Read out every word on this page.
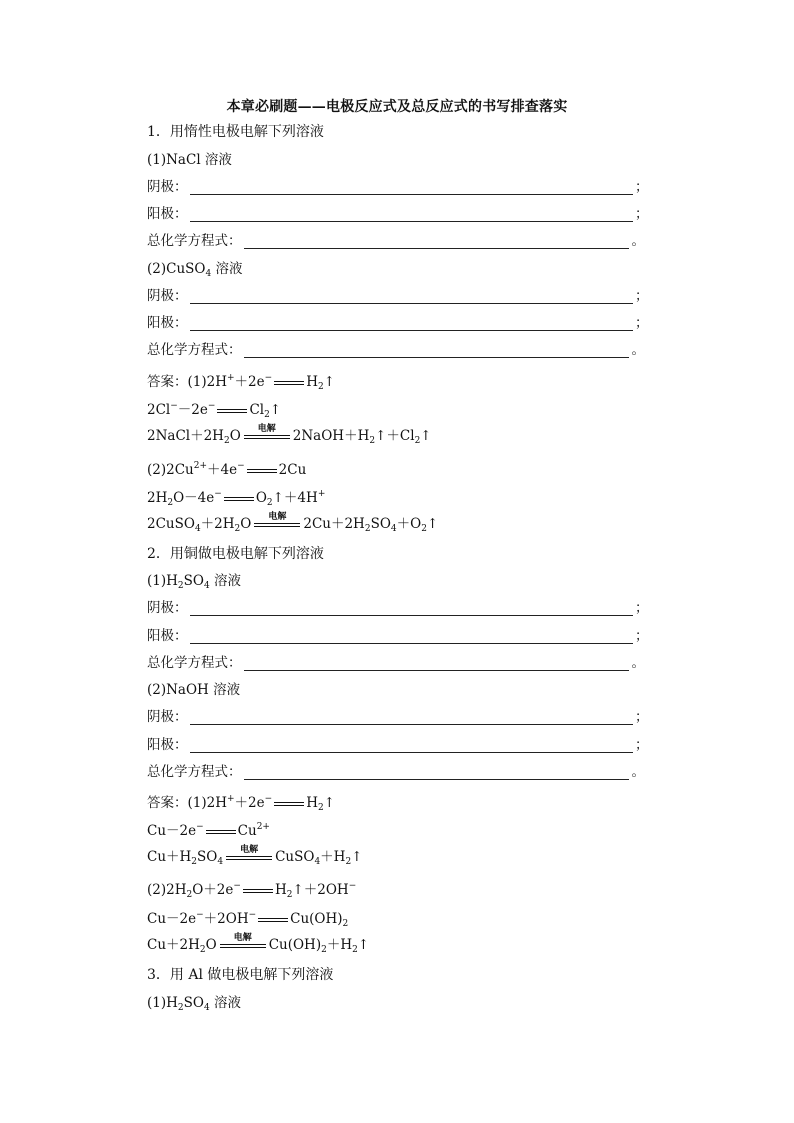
本章必刷题——电极反应式及总反应式的书写排查落实
1．用惰性电极电解下列溶液
(1)NaCl 溶液
阴极：	；
阳极：	；
总化学方程式：	。
(2)CuSO$_4$ 溶液
阴极：	；
阳极：	；
总化学方程式：	。
答案：(1)2H+＋2e−	$H_2↑$
2Cl−－2e−	$Cl_2↑$
$2NaCl+2H_2O$	电解	$2NaOH+H_2↑+Cl_2↑$
$(2)2Cu^{2+}+4e^-$	2Cu
$2H_2O-4e^-$	$O_2↑+4H^+$
$2CuSO_4+2H_2O$	电解	$2Cu+2H_2SO_4+O_2↑$
2．用铜做电极电解下列溶液
$(1)H_2SO_4$ 溶液
阴极：	；
阳极：	；
总化学方程式：	。
(2)NaOH 溶液
阴极：	；
阳极：	；
总化学方程式：	。
答案：(1)2H+＋2e−	$H_2↑$
Cu－2e−	$Cu^{2+}$
$Cu+H_2SO_4$
电解	$CuSO_4+H_2↑$
$(2)2H_2O+2e^-$	$H_2↑+2OH^-$
Cu－2e−＋2OH−	$Cu(OH)_2$
$Cu+2H_2O$	电解	$Cu(OH)_2+H_2↑$
3．用 Al 做电极电解下列溶液
$(1)H_2SO_4$ 溶液
